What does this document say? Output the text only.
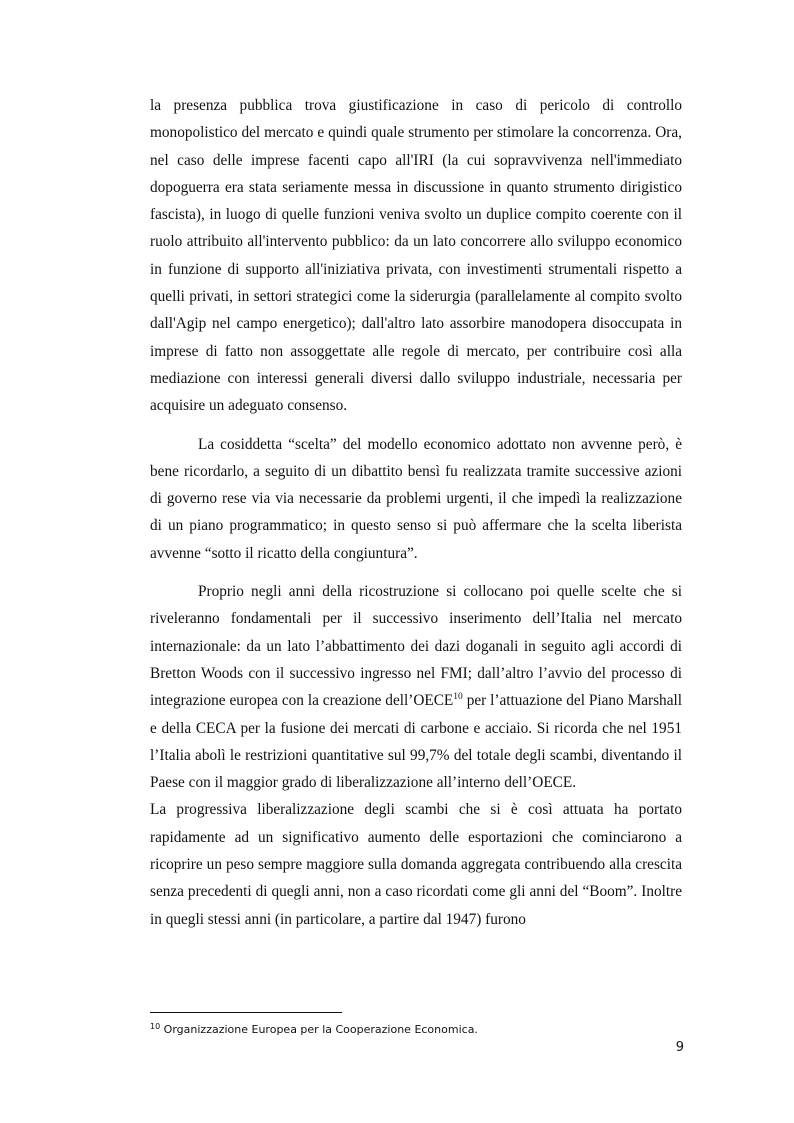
la presenza pubblica trova giustificazione in caso di pericolo di controllo monopolistico del mercato e quindi quale strumento per stimolare la concorrenza. Ora, nel caso delle imprese facenti capo all'IRI (la cui sopravvivenza nell'immediato dopoguerra era stata seriamente messa in discussione in quanto strumento dirigistico fascista), in luogo di quelle funzioni veniva svolto un duplice compito coerente con il ruolo attribuito all'intervento pubblico: da un lato concorrere allo sviluppo economico in funzione di supporto all'iniziativa privata, con investimenti strumentali rispetto a quelli privati, in settori strategici come la siderurgia (parallelamente al compito svolto dall'Agip nel campo energetico); dall'altro lato assorbire manodopera disoccupata in imprese di fatto non assoggettate alle regole di mercato, per contribuire così alla mediazione con interessi generali diversi dallo sviluppo industriale, necessaria per acquisire un adeguato consenso.

La cosiddetta “scelta” del modello economico adottato non avvenne però, è bene ricordarlo, a seguito di un dibattito bensì fu realizzata tramite successive azioni di governo rese via via necessarie da problemi urgenti, il che impedì la realizzazione di un piano programmatico; in questo senso si può affermare che la scelta liberista avvenne “sotto il ricatto della congiuntura”.

Proprio negli anni della ricostruzione si collocano poi quelle scelte che si riveleranno fondamentali per il successivo inserimento dell’Italia nel mercato internazionale: da un lato l’abbattimento dei dazi doganali in seguito agli accordi di Bretton Woods con il successivo ingresso nel FMI; dall’altro l’avvio del processo di integrazione europea con la creazione dell’OECE$^{10}$ per l’attuazione del Piano Marshall e della CECA per la fusione dei mercati di carbone e acciaio. Si ricorda che nel 1951 l’Italia abolì le restrizioni quantitative sul 99,7% del totale degli scambi, diventando il Paese con il maggior grado di liberalizzazione all’interno dell’OECE.

La progressiva liberalizzazione degli scambi che si è così attuata ha portato rapidamente ad un significativo aumento delle esportazioni che cominciarono a ricoprire un peso sempre maggiore sulla domanda aggregata contribuendo alla crescita senza precedenti di quegli anni, non a caso ricordati come gli anni del “Boom”. Inoltre in quegli stessi anni (in particolare, a partire dal 1947) furono

$^{10}$ Organizzazione Europea per la Cooperazione Economica.
9
